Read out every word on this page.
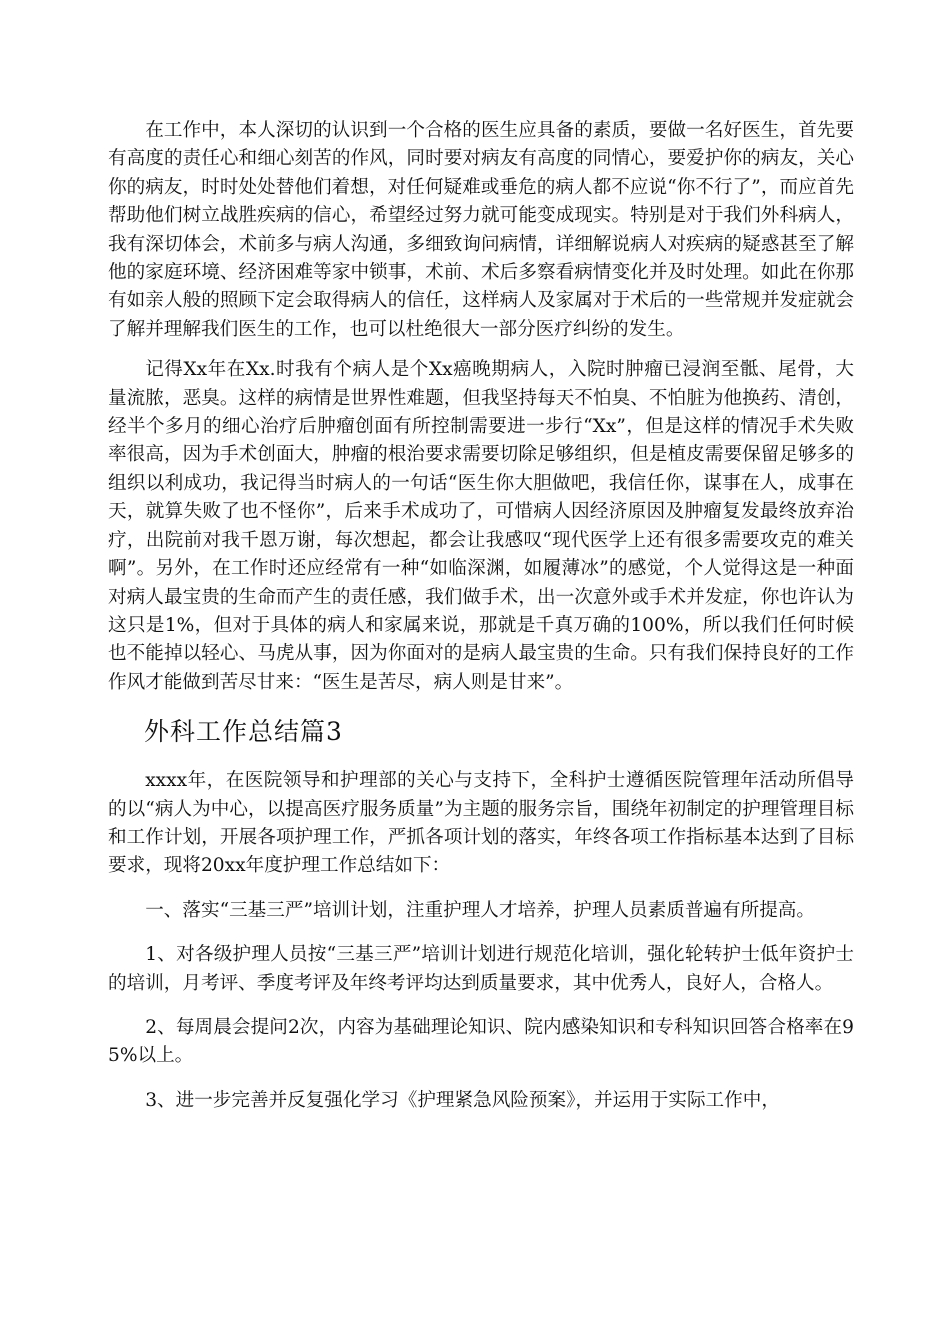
在工作中，本人深切的认识到一个合格的医生应具备的素质，要做一名好医生，首先要有高度的责任心和细心刻苦的作风，同时要对病友有高度的同情心，要爱护你的病友，关心你的病友，时时处处替他们着想，对任何疑难或垂危的病人都不应说“你不行了”，而应首先帮助他们树立战胜疾病的信心，希望经过努力就可能变成现实。特别是对于我们外科病人，我有深切体会，术前多与病人沟通，多细致询问病情，详细解说病人对疾病的疑惑甚至了解他的家庭环境、经济困难等家中锁事，术前、术后多察看病情变化并及时处理。如此在你那有如亲人般的照顾下定会取得病人的信任，这样病人及家属对于术后的一些常规并发症就会了解并理解我们医生的工作，也可以杜绝很大一部分医疗纠纷的发生。

记得Xx年在Xx.时我有个病人是个Xx癌晚期病人，入院时肿瘤已浸润至骶、尾骨，大量流脓，恶臭。这样的病情是世界性难题，但我坚持每天不怕臭、不怕脏为他换药、清创，经半个多月的细心治疗后肿瘤创面有所控制需要进一步行“Xx”，但是这样的情况手术失败率很高，因为手术创面大，肿瘤的根治要求需要切除足够组织，但是植皮需要保留足够多的组织以利成功，我记得当时病人的一句话“医生你大胆做吧，我信任你，谋事在人，成事在天，就算失败了也不怪你”，后来手术成功了，可惜病人因经济原因及肿瘤复发最终放弃治疗，出院前对我千恩万谢，每次想起，都会让我感叹“现代医学上还有很多需要攻克的难关啊”。另外，在工作时还应经常有一种“如临深渊，如履薄冰”的感觉，个人觉得这是一种面对病人最宝贵的生命而产生的责任感，我们做手术，出一次意外或手术并发症，你也许认为这只是1%，但对于具体的病人和家属来说，那就是千真万确的100%，所以我们任何时候也不能掉以轻心、马虎从事，因为你面对的是病人最宝贵的生命。只有我们保持良好的工作作风才能做到苦尽甘来：“医生是苦尽，病人则是甘来”。

外科工作总结篇3

xxxx年，在医院领导和护理部的关心与支持下，全科护士遵循医院管理年活动所倡导的以“病人为中心，以提高医疗服务质量”为主题的服务宗旨，围绕年初制定的护理管理目标和工作计划，开展各项护理工作，严抓各项计划的落实，年终各项工作指标基本达到了目标要求，现将20xx年度护理工作总结如下：

一、落实“三基三严”培训计划，注重护理人才培养，护理人员素质普遍有所提高。

1、对各级护理人员按“三基三严”培训计划进行规范化培训，强化轮转护士低年资护士的培训，月考评、季度考评及年终考评均达到质量要求，其中优秀人，良好人，合格人。

2、每周晨会提问2次，内容为基础理论知识、院内感染知识和专科知识回答合格率在95%以上。

3、进一步完善并反复强化学习《护理紧急风险预案》，并运用于实际工作中，
